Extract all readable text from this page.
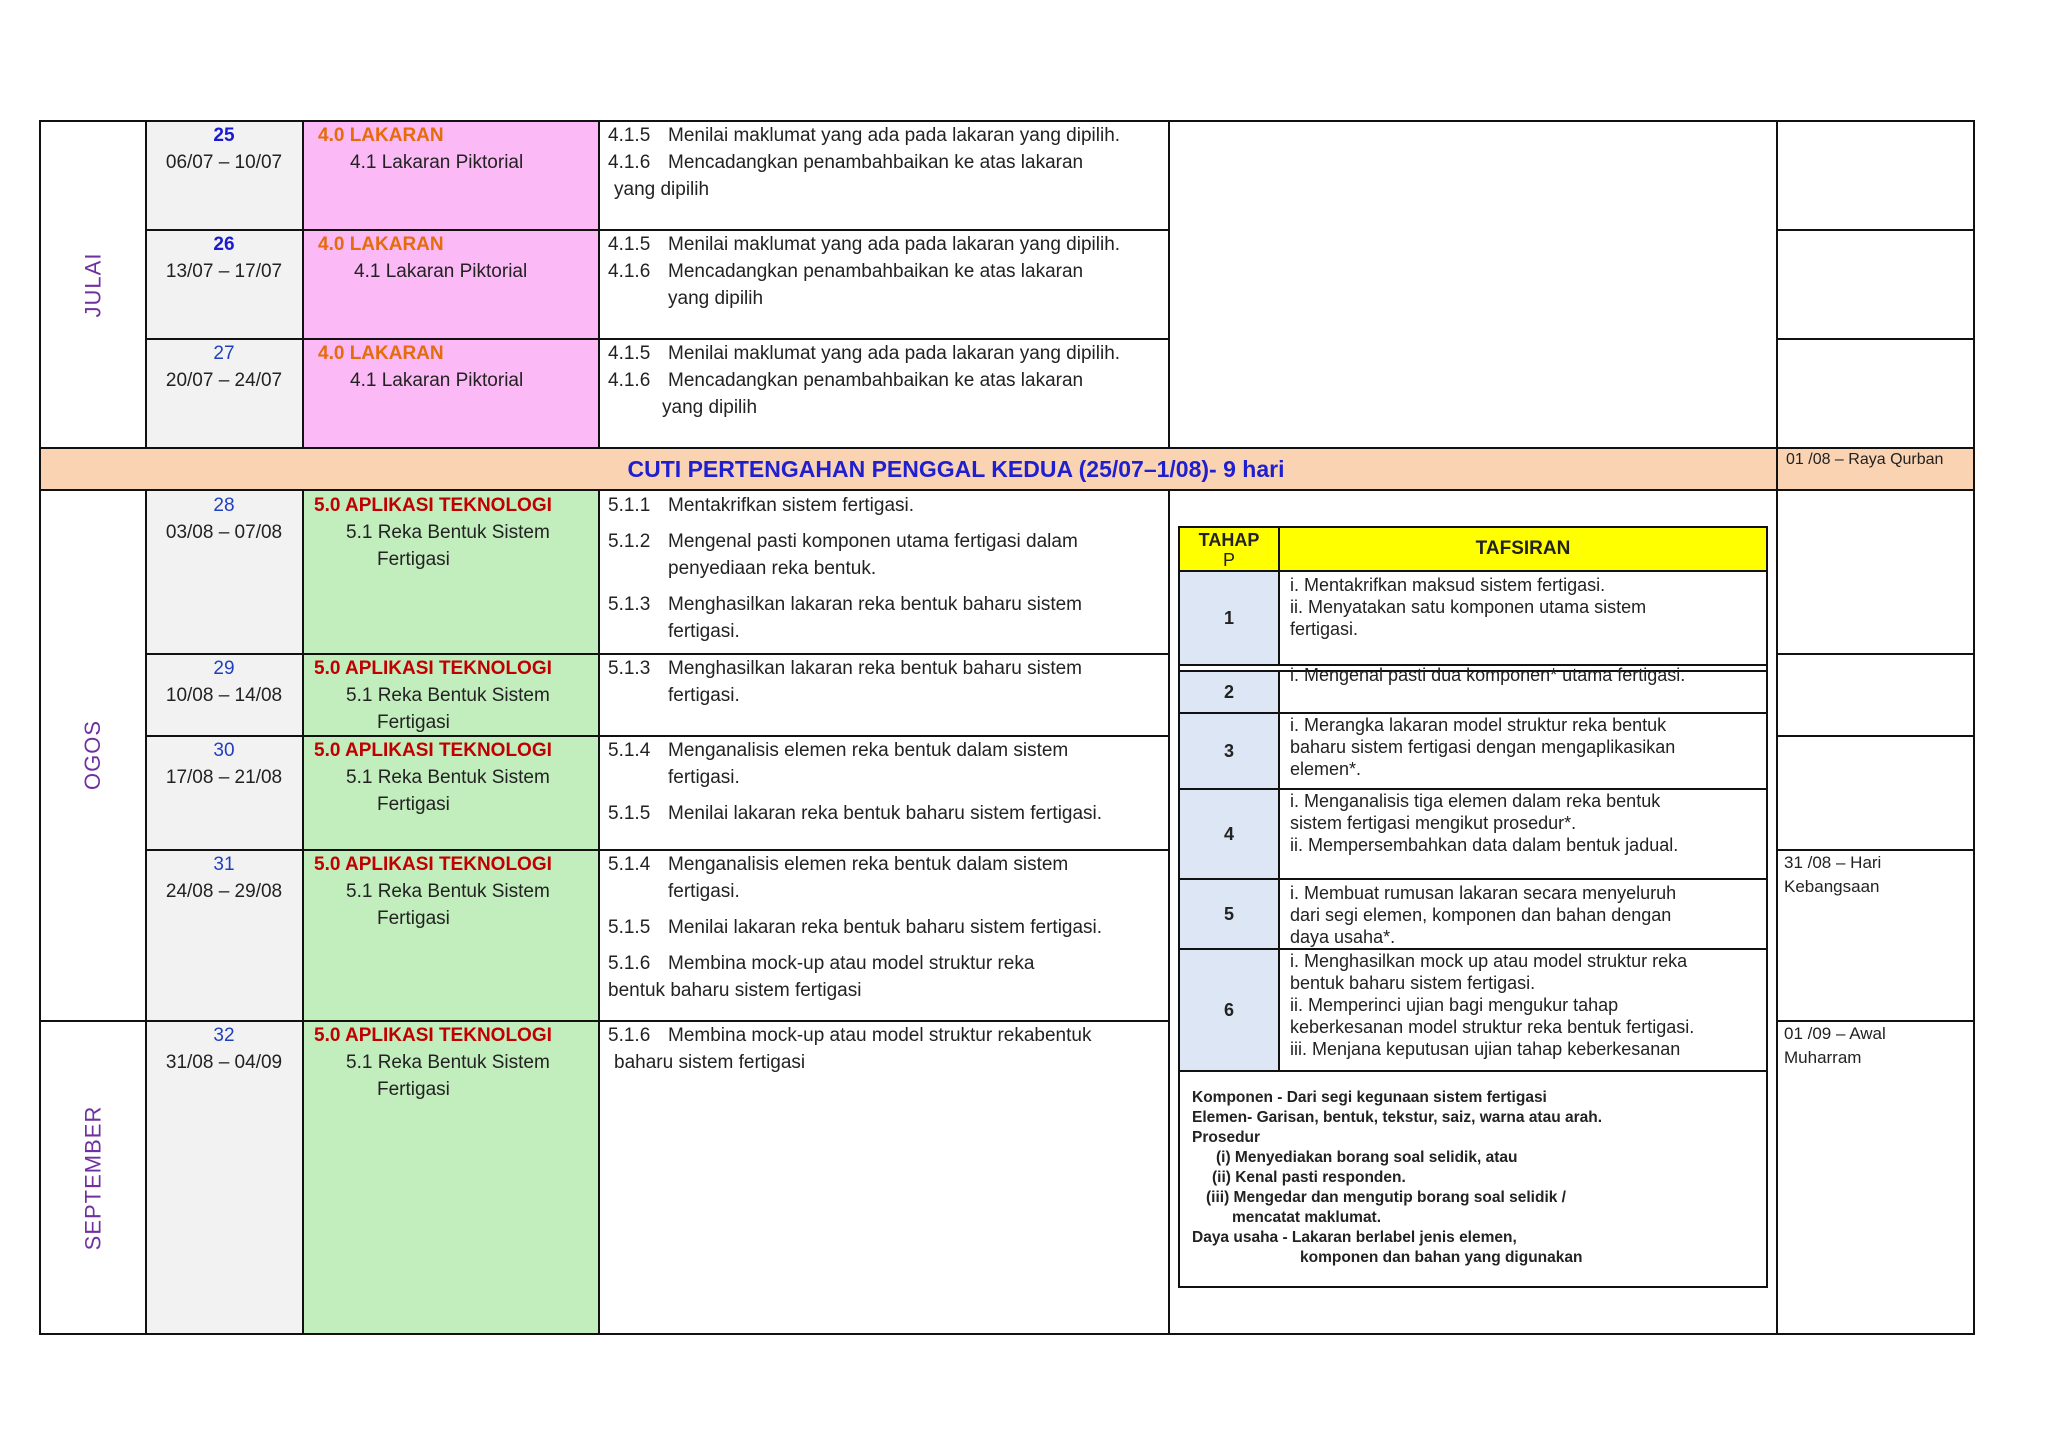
JULAI
OGOS
SEPTEMBER
25
06/07 – 10/07
4.0 LAKARAN
4.1 Lakaran Piktorial
4.1.5 Menilai maklumat yang ada pada lakaran yang dipilih.
4.1.6 Mencadangkan penambahbaikan ke atas lakaran
yang dipilih
26
13/07 – 17/07
4.0 LAKARAN
4.1 Lakaran Piktorial
4.1.5 Menilai maklumat yang ada pada lakaran yang dipilih.
4.1.6 Mencadangkan penambahbaikan ke atas lakaran
yang dipilih
27
20/07 – 24/07
4.0 LAKARAN
4.1 Lakaran Piktorial
4.1.5 Menilai maklumat yang ada pada lakaran yang dipilih.
4.1.6 Mencadangkan penambahbaikan ke atas lakaran
yang dipilih
CUTI PERTENGAHAN PENGGAL KEDUA (25/07–1/08)- 9 hari	01 /08 – Raya Qurban
28
03/08 – 07/08
5.0 APLIKASI TEKNOLOGI
5.1 Reka Bentuk Sistem
Fertigasi
5.1.1 Mentakrifkan sistem fertigasi.
5.1.2 Mengenal pasti komponen utama fertigasi dalam
penyediaan reka bentuk.
5.1.3 Menghasilkan lakaran reka bentuk baharu sistem
fertigasi.
29
10/08 – 14/08
5.0 APLIKASI TEKNOLOGI
5.1 Reka Bentuk Sistem
Fertigasi
5.1.3 Menghasilkan lakaran reka bentuk baharu sistem
fertigasi.
30
17/08 – 21/08
5.0 APLIKASI TEKNOLOGI
5.1 Reka Bentuk Sistem
Fertigasi
5.1.4 Menganalisis elemen reka bentuk dalam sistem
fertigasi.
5.1.5 Menilai lakaran reka bentuk baharu sistem fertigasi.
31
24/08 – 29/08
5.0 APLIKASI TEKNOLOGI
5.1 Reka Bentuk Sistem
Fertigasi
5.1.4 Menganalisis elemen reka bentuk dalam sistem
fertigasi.
5.1.5 Menilai lakaran reka bentuk baharu sistem fertigasi.
5.1.6 Membina mock-up atau model struktur reka
bentuk baharu sistem fertigasi
31 /08 – Hari
Kebangsaan
32
31/08 – 04/09
5.0 APLIKASI TEKNOLOGI
5.1 Reka Bentuk Sistem
Fertigasi
5.1.6 Membina mock-up atau model struktur rekabentuk
baharu sistem fertigasi
01 /09 – Awal
Muharram
TAHAP
P
TAFSIRAN
1
i. Mentakrifkan maksud sistem fertigasi.
ii. Menyatakan satu komponen utama sistem
fertigasi.
2
i. Mengenal pasti dua komponen* utama fertigasi.
3
i. Merangka lakaran model struktur reka bentuk
baharu sistem fertigasi dengan mengaplikasikan
elemen*.
4
i. Menganalisis tiga elemen dalam reka bentuk
sistem fertigasi mengikut prosedur*.
ii. Mempersembahkan data dalam bentuk jadual.
5
i. Membuat rumusan lakaran secara menyeluruh
dari segi elemen, komponen dan bahan dengan
daya usaha*.
6
i. Menghasilkan mock up atau model struktur reka
bentuk baharu sistem fertigasi.
ii. Memperinci ujian bagi mengukur tahap
keberkesanan model struktur reka bentuk fertigasi.
iii. Menjana keputusan ujian tahap keberkesanan
Komponen - Dari segi kegunaan sistem fertigasi
Elemen- Garisan, bentuk, tekstur, saiz, warna atau arah.
Prosedur
(i) Menyediakan borang soal selidik, atau
(ii) Kenal pasti responden.
(iii) Mengedar dan mengutip borang soal selidik /
mencatat maklumat.
Daya usaha - Lakaran berlabel jenis elemen,
komponen dan bahan yang digunakan
